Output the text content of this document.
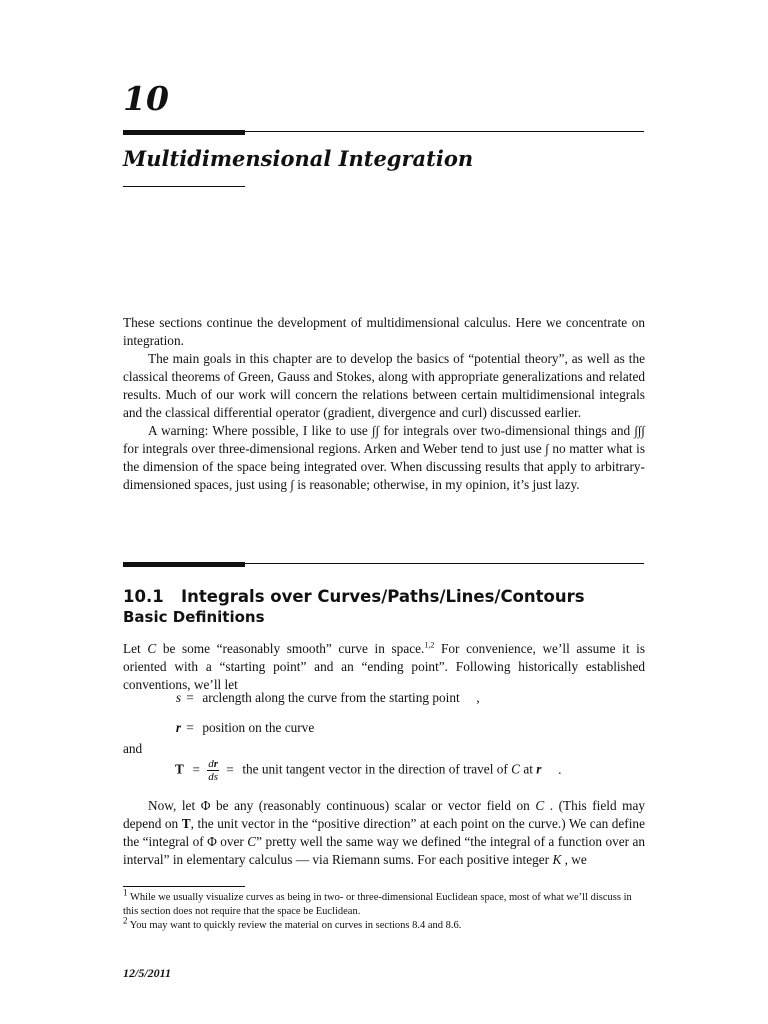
10
Multidimensional Integration

These sections continue the development of multidimensional calculus. Here we concentrate on integration.

The main goals in this chapter are to develop the basics of “potential theory”, as well as the classical theorems of Green, Gauss and Stokes, along with appropriate generalizations and related results. Much of our work will concern the relations between certain multidimensional integrals and the classical differential operator (gradient, divergence and curl) discussed earlier.

A warning: Where possible, I like to use ∫∫ for integrals over two-dimensional things and ∫∫∫ for integrals over three-dimensional regions. Arken and Weber tend to just use ∫ no matter what is the dimension of the space being integrated over. When discussing results that apply to arbitrary-dimensioned spaces, just using ∫ is reasonable; otherwise, in my opinion, it’s just lazy.

10.1 Integrals over Curves/Paths/Lines/Contours
Basic Definitions

Let C be some “reasonably smooth” curve in space.$^{1,2}$ For convenience, we’ll assume it is oriented with a “starting point” and an “ending point”. Following historically established conventions, we’ll let

s = arclength along the curve from the starting point ,
r = position on the curve
and
$T = \frac{dr}{ds}$ = the unit tangent vector in the direction of travel of C at r .

Now, let Φ be any (reasonably continuous) scalar or vector field on C . (This field may depend on T, the unit vector in the “positive direction” at each point on the curve.) We can define the “integral of Φ over C” pretty well the same way we defined “the integral of a function over an interval” in elementary calculus — via Riemann sums. For each positive integer K , we

$^1$ While we usually visualize curves as being in two- or three-dimensional Euclidean space, most of what we’ll discuss in this section does not require that the space be Euclidean.

$^2$ You may want to quickly review the material on curves in sections 8.4 and 8.6.

12/5/2011
